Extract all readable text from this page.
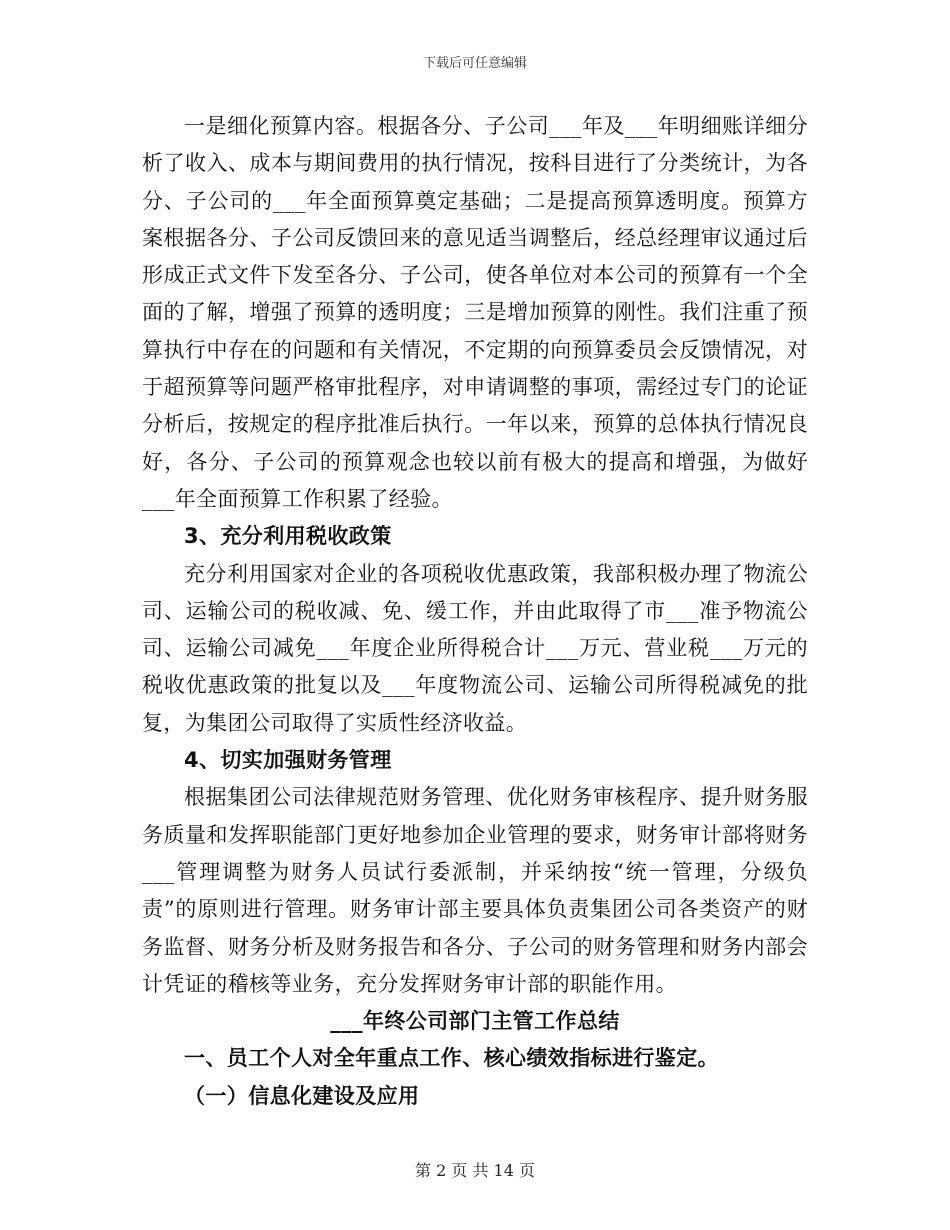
下载后可任意编辑

一是细化预算内容。根据各分、子公司___年及___年明细账详细分析了收入、成本与期间费用的执行情况，按科目进行了分类统计，为各分、子公司的___年全面预算奠定基础；二是提高预算透明度。预算方案根据各分、子公司反馈回来的意见适当调整后，经总经理审议通过后形成正式文件下发至各分、子公司，使各单位对本公司的预算有一个全面的了解，增强了预算的透明度；三是增加预算的刚性。我们注重了预算执行中存在的问题和有关情况，不定期的向预算委员会反馈情况，对于超预算等问题严格审批程序，对申请调整的事项，需经过专门的论证分析后，按规定的程序批准后执行。一年以来，预算的总体执行情况良好，各分、子公司的预算观念也较以前有极大的提高和增强，为做好___年全面预算工作积累了经验。

3、充分利用税收政策

充分利用国家对企业的各项税收优惠政策，我部积极办理了物流公司、运输公司的税收减、免、缓工作，并由此取得了市___准予物流公司、运输公司减免___年度企业所得税合计___万元、营业税___万元的税收优惠政策的批复以及___年度物流公司、运输公司所得税减免的批复，为集团公司取得了实质性经济收益。

4、切实加强财务管理

根据集团公司法律规范财务管理、优化财务审核程序、提升财务服务质量和发挥职能部门更好地参加企业管理的要求，财务审计部将财务___管理调整为财务人员试行委派制，并采纳按“统一管理，分级负责”的原则进行管理。财务审计部主要具体负责集团公司各类资产的财务监督、财务分析及财务报告和各分、子公司的财务管理和财务内部会计凭证的稽核等业务，充分发挥财务审计部的职能作用。

___年终公司部门主管工作总结

一、员工个人对全年重点工作、核心绩效指标进行鉴定。

（一）信息化建设及应用

第 2 页 共 14 页
